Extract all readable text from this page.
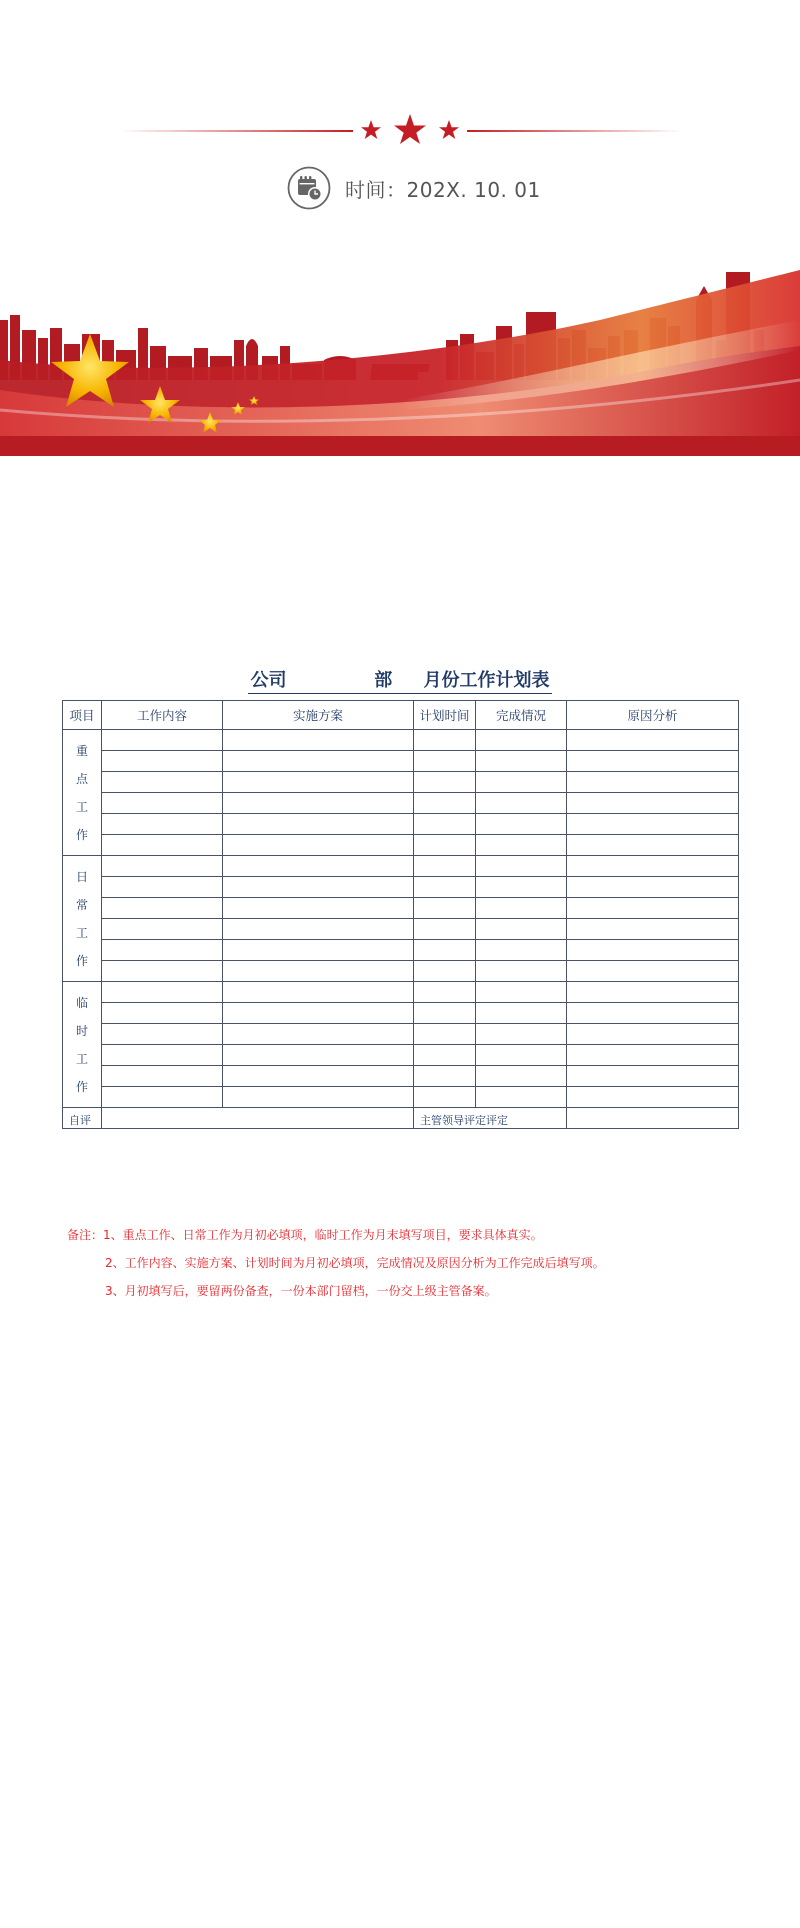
时间：202X. 10. 01
公司	部 月份工作计划表
项目	工作内容	实施方案	计划时间	完成情况	原因分析

重
点
工
作					

日
常
工
作					

临
时
工
作					

自评			主管领导评定评定		
备注：1、重点工作、日常工作为月初必填项，临时工作为月末填写项目，要求具体真实。
2、工作内容、实施方案、计划时间为月初必填项，完成情况及原因分析为工作完成后填写项。
3、月初填写后，要留两份备查，一份本部门留档，一份交上级主管备案。
